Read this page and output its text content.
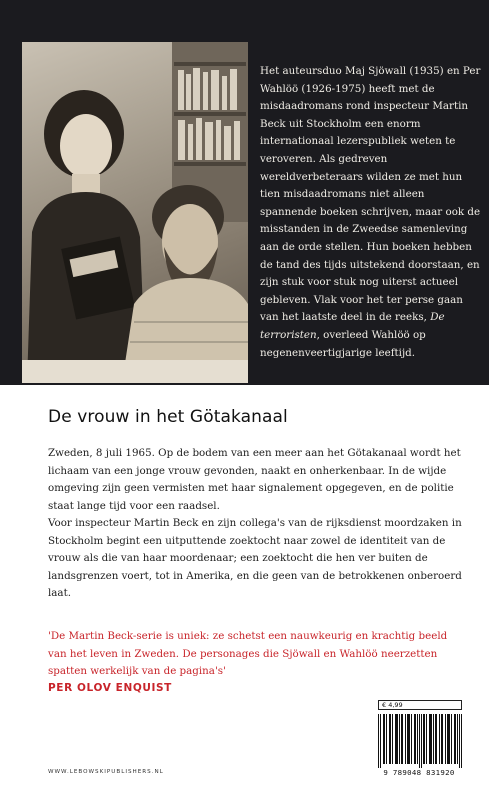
Het auteursduo Maj Sjöwall (1935) en Per Wahlöö (1926-1975) heeft met de misdaadromans rond inspecteur Martin Beck uit Stockholm een enorm internationaal lezerspubliek weten te veroveren. Als gedreven wereldverbeteraars wilden ze met hun tien misdaadromans niet alleen spannende boeken schrijven, maar ook de misstanden in de Zweedse samenleving aan de orde stellen. Hun boeken hebben de tand des tijds uitstekend doorstaan, en zijn stuk voor stuk nog uiterst actueel gebleven. Vlak voor het ter perse gaan van het laatste deel in de reeks, De terroristen, overleed Wahlöö op negenenveertigjarige leeftijd.
De vrouw in het Götakanaal

Zweden, 8 juli 1965. Op de bodem van een meer aan het Götakanaal wordt het lichaam van een jonge vrouw gevonden, naakt en onherkenbaar. In de wijde omgeving zijn geen vermisten met haar signalement opgegeven, en de politie staat lange tijd voor een raadsel.

Voor inspecteur Martin Beck en zijn collega's van de rijksdienst moordzaken in Stockholm begint een uitputtende zoektocht naar zowel de identiteit van de vrouw als die van haar moordenaar; een zoektocht die hen ver buiten de landsgrenzen voert, tot in Amerika, en die geen van de betrokkenen onberoerd laat.

'De Martin Beck-serie is uniek: ze schetst een nauwkeurig en krachtig beeld van het leven in Zweden. De personages die Sjöwall en Wahlöö neerzetten spatten werkelijk van de pagina's'
PER OLOV ENQUIST
WWW.LEBOWSKIPUBLISHERS.NL
€ 4,99
9 789048 831920
